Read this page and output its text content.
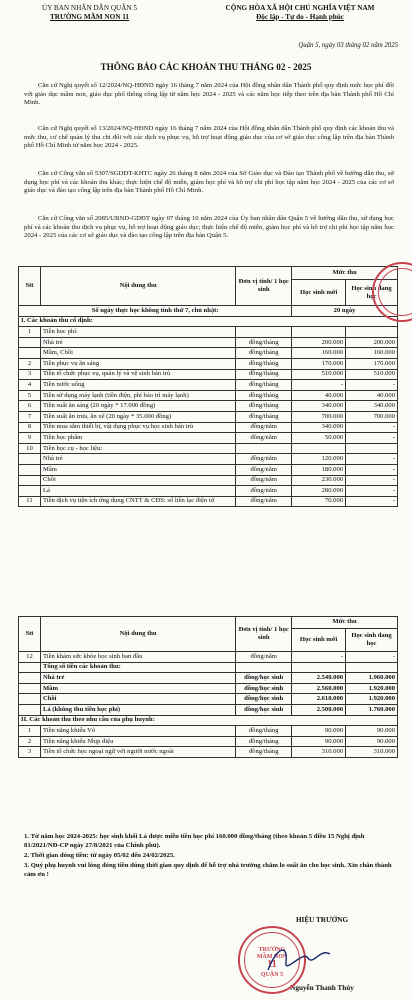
ỦY BAN NHÂN DÂN QUẬN 5
TRƯỜNG MẦM NON 11
CỘNG HÒA XÃ HỘI CHỦ NGHĨA VIỆT NAM
Độc lập - Tự do - Hạnh phúc
Quận 5, ngày 03 tháng 02 năm 2025
THÔNG BÁO CÁC KHOẢN THU THÁNG 02 - 2025
Căn cứ Nghị quyết số 12/2024/NQ-HĐND ngày 16 tháng 7 năm 2024 của Hội đồng nhân dân Thành phố quy định mức học phí đối với giáo dục mầm non, giáo dục phổ thông công lập từ năm học 2024 - 2025 và các năm học tiếp theo trên địa bàn Thành phố Hồ Chí Minh.
Căn cứ Nghị quyết số 13/2024/NQ-HĐND ngày 16 tháng 7 năm 2024 của Hội đồng nhân dân Thành phố quy định các khoản thu và mức thu, cơ chế quản lý thu chi đối với các dịch vụ phục vụ, hỗ trợ hoạt động giáo dục của cơ sở giáo dục công lập trên địa bàn Thành phố Hồ Chí Minh từ năm học 2024 - 2025.
Căn cứ Công văn số 5307/SGDĐT-KHTC ngày 26 tháng 8 năm 2024 của Sở Giáo dục và Đào tạo Thành phố về hướng dẫn thu, sử dụng học phí và các khoản thu khác; thực hiện chế độ miễn, giảm học phí và hỗ trợ chi phí học tập năm học 2024 - 2025 của các cơ sở giáo dục và đào tạo công lập trên địa bàn Thành phố Hồ Chí Minh.
Căn cứ Công văn số 2085/UBND-GDĐT ngày 07 tháng 10 năm 2024 của Ủy ban nhân dân Quận 5 về hướng dẫn thu, sử dụng học phí và các khoản thu dịch vụ phục vụ, hỗ trợ hoạt động giáo dục; thực hiện chế độ miễn, giảm học phí và hỗ trợ chi phí học tập năm học 2024 - 2025 của các cơ sở giáo dục và đào tạo công lập trên địa bàn Quận 5.
Stt	Nội dung thu	Đơn vị tính/ 1 học sinh	Mức thu	
			Học sinh mới	Học sinh đang học
Số ngày thực học không tính thứ 7, chủ nhật:			20 ngày	
I. Các khoản thu cố định:				
1	Tiền học phí:			
	Nhà trẻ	đồng/tháng	200.000	200.000
	Mầm, Chồi	đồng/tháng	160.000	160.000
2	Tiền phục vụ ăn sáng	đồng/tháng	170.000	170.000
3	Tiền tổ chức phục vụ, quản lý và vệ sinh bán trú	đồng/tháng	510.000	510.000
4	Tiền nước uống	đồng/tháng	-	-
5	Tiền sử dụng máy lạnh (tiền điện, phí bảo trì máy lạnh)	đồng/tháng	40.000	40.000
6	Tiền suất ăn sáng (20 ngày * 17.000 đồng)	đồng/tháng	340.000	340.000
7	Tiền suất ăn trưa, ăn xế (20 ngày * 35.000 đồng)	đồng/tháng	700.000	700.000
8	Tiền mua sắm thiết bị, vật dụng phục vụ học sinh bán trú	đồng/năm	340.000	-
9	Tiền học phẩm	đồng/năm	50.000	-
10	Tiền học cụ - học liệu:			
	Nhà trẻ	đồng/năm	120.000	-
	Mầm	đồng/năm	180.000	-
	Chồi	đồng/năm	230.000	-
	Lá	đồng/năm	280.000	-
11	Tiền dịch vụ tiện ích ứng dụng CNTT & CĐS: sổ liên lạc điện tử	đồng/năm	70.000	-
Stt	Nội dung thu	Đơn vị tính/ 1 học sinh	Mức thu	
			Học sinh mới	Học sinh đang học
12	Tiền khám sức khỏe học sinh ban đầu	đồng/năm	-	-
	Tổng số tiền các khoản thu:			
	Nhà trẻ	đồng/học sinh	2.540.000	1.960.000
	Mầm	đồng/học sinh	2.560.000	1.920.000
	Chồi	đồng/học sinh	2.610.000	1.920.000
	Lá (không thu tiền học phí)	đồng/học sinh	2.500.000	1.760.000
II. Các khoản thu theo nhu cầu của phụ huynh:				
1	Tiền năng khiếu Võ	đồng/tháng	90.000	90.000
2	Tiền năng khiếu Nhịp điệu	đồng/tháng	90.000	90.000
3	Tiền tổ chức học ngoại ngữ với người nước ngoài	đồng/tháng	310.000	310.000

1. Từ năm học 2024-2025: học sinh khối Lá được miễn tiền học phí 160.000 đồng/tháng (theo khoản 5 điều 15 Nghị định 81/2021/NĐ-CP ngày 27/8/2021 của Chính phủ).

2. Thời gian đóng tiền: từ ngày 05/02 đến 24/02/2025.

3. Quý phụ huynh vui lòng đóng tiền đúng thời gian quy định để hỗ trợ nhà trường chăm lo suất ăn cho học sinh. Xin chân thành cảm ơn !

HIỆU TRƯỞNG
Nguyễn Thanh Thủy
TRƯỜNG
MẦM NON
11
QUẬN 5
